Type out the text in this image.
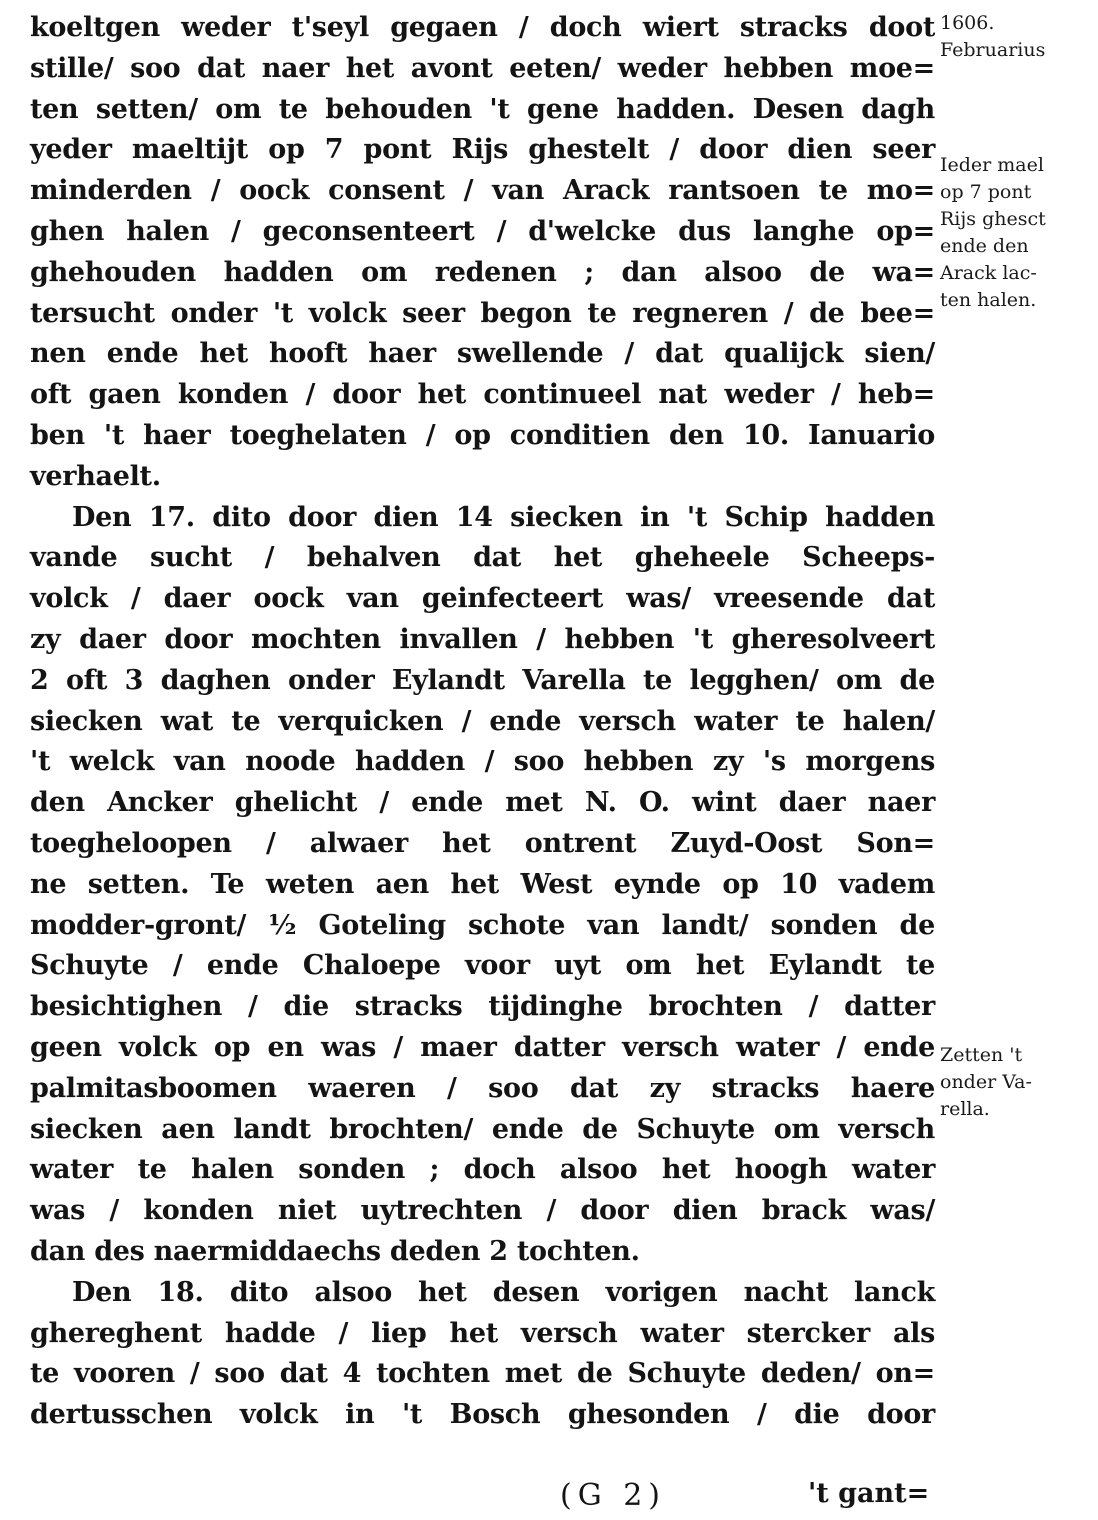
koeltgen weder t'seyl gegaen / doch wiert stracks doot
stille/ soo dat naer het avont eeten/ weder hebben moe=
ten setten/ om te behouden 't gene hadden. Desen dagh
yeder maeltijt op 7 pont Rijs ghestelt / door dien seer
minderden / oock consent / van Arack rantsoen te mo=
ghen halen / geconsenteert / d'welcke dus langhe op=
ghehouden hadden om redenen ; dan alsoo de wa=
tersucht onder 't volck seer begon te regneren / de bee=
nen ende het hooft haer swellende / dat qualijck sien/
oft gaen konden / door het continueel nat weder / heb=
ben 't haer toeghelaten / op conditien den 10. Ianuario
verhaelt.
Den 17. dito door dien 14 siecken in 't Schip hadden
vande sucht / behalven dat het gheheele Scheeps-
volck / daer oock van geinfecteert was/ vreesende dat
zy daer door mochten invallen / hebben 't gheresolveert
2 oft 3 daghen onder Eylandt Varella te legghen/ om de
siecken wat te verquicken / ende versch water te halen/
't welck van noode hadden / soo hebben zy 's morgens
den Ancker ghelicht / ende met N. O. wint daer naer
toegheloopen / alwaer het ontrent Zuyd-Oost Son=
ne setten. Te weten aen het West eynde op 10 vadem
modder-gront/ ½ Goteling schote van landt/ sonden de
Schuyte / ende Chaloepe voor uyt om het Eylandt te
besichtighen / die stracks tijdinghe brochten / datter
geen volck op en was / maer datter versch water / ende
palmitasboomen waeren / soo dat zy stracks haere
siecken aen landt brochten/ ende de Schuyte om versch
water te halen sonden ; doch alsoo het hoogh water
was / konden niet uytrechten / door dien brack was/
dan des naermiddaechs deden 2 tochten.
Den 18. dito alsoo het desen vorigen nacht lanck
ghereghent hadde / liep het versch water stercker als
te vooren / soo dat 4 tochten met de Schuyte deden/ on=
dertusschen volck in 't Bosch ghesonden / die door
1606.
Februarius
Ieder mael
op 7 pont
Rijs ghesct
ende den
Arack lac-
ten halen.
Zetten 't
onder Va-
rella.
(G 2)	't gant=
